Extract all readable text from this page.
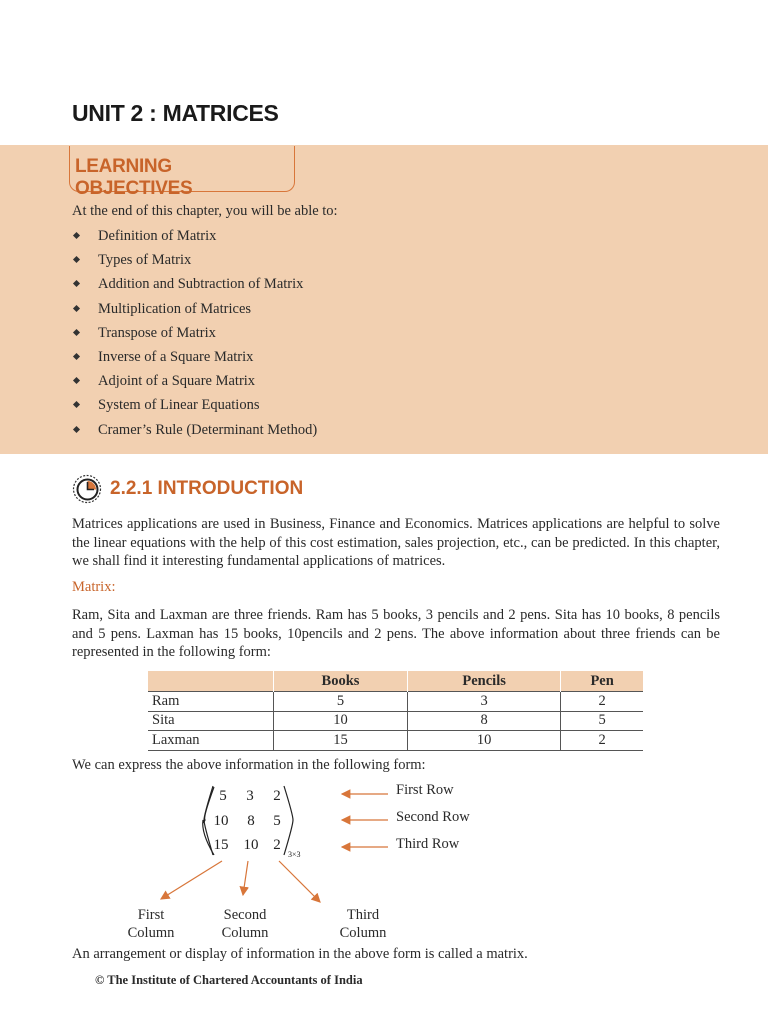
UNIT 2 : MATRICES
LEARNING OBJECTIVES
At the end of this chapter, you will be able to:
Definition of Matrix
Types of Matrix
Addition and Subtraction of Matrix
Multiplication of Matrices
Transpose of Matrix
Inverse of a Square Matrix
Adjoint of a Square Matrix
System of Linear Equations
Cramer’s Rule (Determinant Method)
2.2.1 INTRODUCTION

Matrices applications are used in Business, Finance and Economics. Matrices applications are helpful to solve the linear equations with the help of this cost estimation, sales projection, etc., can be predicted. In this chapter, we shall find it interesting fundamental applications of matrices.

Matrix:

Ram, Sita and Laxman are three friends. Ram has 5 books, 3 pencils and 2 pens. Sita has 10 books, 8 pencils and 5 pens. Laxman has 15 books, 10pencils and 2 pens. The above information about three friends can be represented in the following form:

	Books	Pencils	Pen
Ram	5	3	2
Sita	10	8	5
Laxman	15	10	2
We can express the above information in the following form:
5 3 2
10 8 5
15 10 2
3×3
First Row
Second Row
Third Row
First
Column
Second
Column
Third
Column
An arrangement or display of information in the above form is called a matrix.
© The Institute of Chartered Accountants of India
